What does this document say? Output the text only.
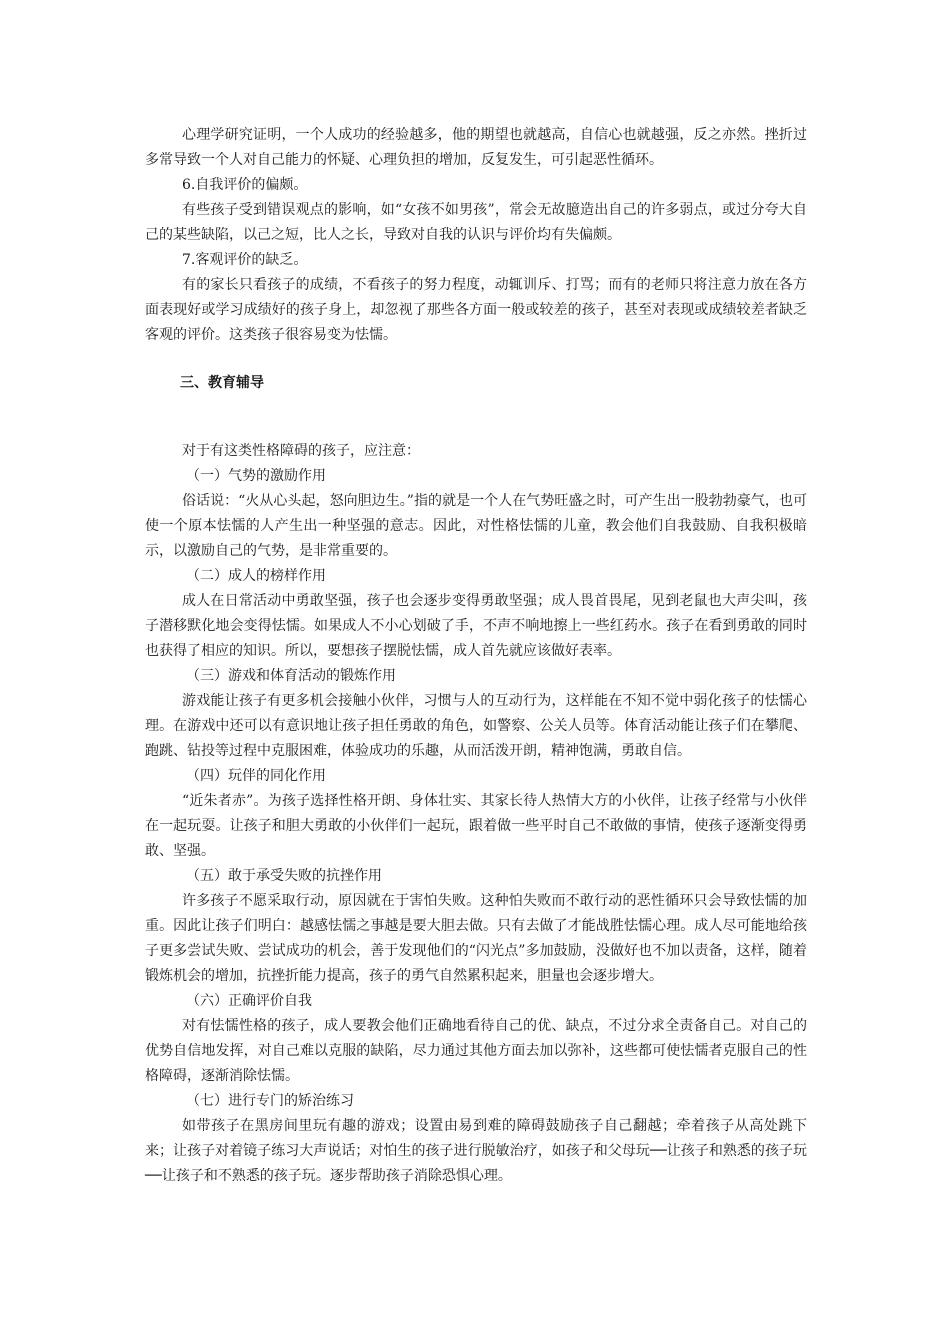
心理学研究证明，一个人成功的经验越多，他的期望也就越高，自信心也就越强，反之亦然。挫折过多常导致一个人对自己能力的怀疑、心理负担的增加，反复发生，可引起恶性循环。

6.自我评价的偏颇。

有些孩子受到错误观点的影响，如“女孩不如男孩”，常会无故臆造出自己的许多弱点，或过分夸大自己的某些缺陷，以己之短，比人之长，导致对自我的认识与评价均有失偏颇。

7.客观评价的缺乏。

有的家长只看孩子的成绩，不看孩子的努力程度，动辄训斥、打骂；而有的老师只将注意力放在各方面表现好或学习成绩好的孩子身上，却忽视了那些各方面一般或较差的孩子，甚至对表现或成绩较差者缺乏客观的评价。这类孩子很容易变为怯懦。

三、教育辅导

对于有这类性格障碍的孩子，应注意：

（一）气势的激励作用

俗话说：“火从心头起，怒向胆边生。”指的就是一个人在气势旺盛之时，可产生出一股勃勃豪气，也可使一个原本怯懦的人产生出一种坚强的意志。因此，对性格怯懦的儿童，教会他们自我鼓励、自我积极暗示，以激励自己的气势，是非常重要的。

（二）成人的榜样作用

成人在日常活动中勇敢坚强，孩子也会逐步变得勇敢坚强；成人畏首畏尾，见到老鼠也大声尖叫，孩子潜移默化地会变得怯懦。如果成人不小心划破了手，不声不响地擦上一些红药水。孩子在看到勇敢的同时也获得了相应的知识。所以，要想孩子摆脱怯懦，成人首先就应该做好表率。

（三）游戏和体育活动的锻炼作用

游戏能让孩子有更多机会接触小伙伴，习惯与人的互动行为，这样能在不知不觉中弱化孩子的怯懦心理。在游戏中还可以有意识地让孩子担任勇敢的角色，如警察、公关人员等。体育活动能让孩子们在攀爬、跑跳、钻投等过程中克服困难，体验成功的乐趣，从而活泼开朗，精神饱满，勇敢自信。

（四）玩伴的同化作用

“近朱者赤”。为孩子选择性格开朗、身体壮实、其家长待人热情大方的小伙伴，让孩子经常与小伙伴在一起玩耍。让孩子和胆大勇敢的小伙伴们一起玩，跟着做一些平时自己不敢做的事情，使孩子逐渐变得勇敢、坚强。

（五）敢于承受失败的抗挫作用

许多孩子不愿采取行动，原因就在于害怕失败。这种怕失败而不敢行动的恶性循环只会导致怯懦的加重。因此让孩子们明白：越感怯懦之事越是要大胆去做。只有去做了才能战胜怯懦心理。成人尽可能地给孩子更多尝试失败、尝试成功的机会，善于发现他们的“闪光点”多加鼓励，没做好也不加以责备，这样，随着锻炼机会的增加，抗挫折能力提高，孩子的勇气自然累积起来，胆量也会逐步增大。

（六）正确评价自我

对有怯懦性格的孩子，成人要教会他们正确地看待自己的优、缺点，不过分求全责备自己。对自己的优势自信地发挥，对自己难以克服的缺陷，尽力通过其他方面去加以弥补，这些都可使怯懦者克服自己的性格障碍，逐渐消除怯懦。

（七）进行专门的矫治练习

如带孩子在黑房间里玩有趣的游戏；设置由易到难的障碍鼓励孩子自己翻越；牵着孩子从高处跳下来；让孩子对着镜子练习大声说话；对怕生的孩子进行脱敏治疗，如孩子和父母玩──让孩子和熟悉的孩子玩──让孩子和不熟悉的孩子玩。逐步帮助孩子消除恐惧心理。
